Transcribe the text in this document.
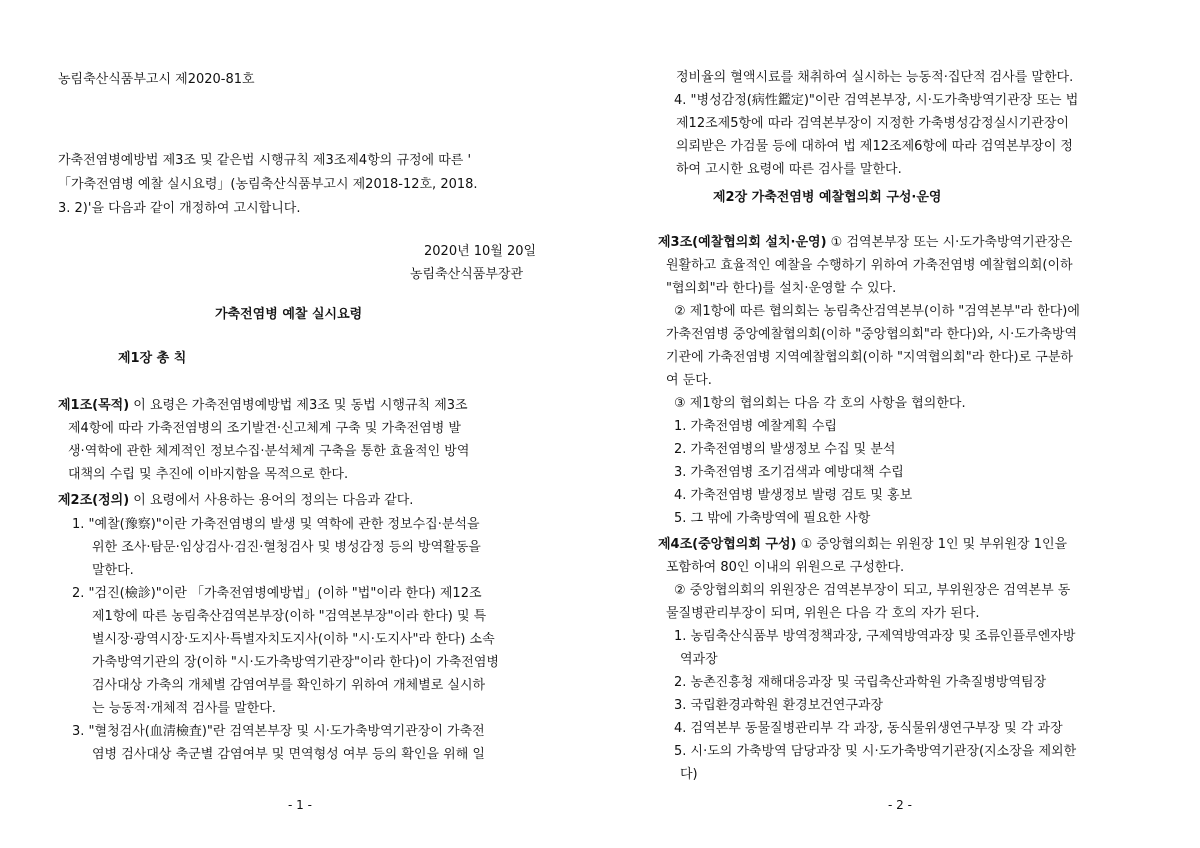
농림축산식품부고시 제2020-81호
가축전염병예방법 제3조 및 같은법 시행규칙 제3조제4항의 규정에 따른 '
「가축전염병 예찰 실시요령」(농림축산식품부고시 제2018-12호, 2018.
3. 2)'을 다음과 같이 개정하여 고시합니다.
2020년 10월 20일
농림축산식품부장관
가축전염병 예찰 실시요령
제1장 총 칙
제1조(목적) 이 요령은 가축전염병예방법 제3조 및 동법 시행규칙 제3조
제4항에 따라 가축전염병의 조기발견·신고체계 구축 및 가축전염병 발
생·역학에 관한 체계적인 정보수집·분석체계 구축을 통한 효율적인 방역
대책의 수립 및 추진에 이바지함을 목적으로 한다.
제2조(정의) 이 요령에서 사용하는 용어의 정의는 다음과 같다.
1. "예찰(豫察)"이란 가축전염병의 발생 및 역학에 관한 정보수집·분석을
위한 조사·탐문·임상검사·검진·혈청검사 및 병성감정 등의 방역활동을
말한다.
2. "검진(檢診)"이란 「가축전염병예방법」(이하 "법"이라 한다) 제12조
제1항에 따른 농림축산검역본부장(이하 "검역본부장"이라 한다) 및 특
별시장·광역시장·도지사·특별자치도지사(이하 "시·도지사"라 한다) 소속
가축방역기관의 장(이하 "시·도가축방역기관장"이라 한다)이 가축전염병
검사대상 가축의 개체별 감염여부를 확인하기 위하여 개체별로 실시하
는 능동적·개체적 검사를 말한다.
3. "혈청검사(血淸檢査)"란 검역본부장 및 시·도가축방역기관장이 가축전
염병 검사대상 축군별 감염여부 및 면역형성 여부 등의 확인을 위해 일
- 1 -
정비율의 혈액시료를 채취하여 실시하는 능동적·집단적 검사를 말한다.
4. "병성감정(病性鑑定)"이란 검역본부장, 시·도가축방역기관장 또는 법
제12조제5항에 따라 검역본부장이 지정한 가축병성감정실시기관장이
의뢰받은 가검물 등에 대하여 법 제12조제6항에 따라 검역본부장이 정
하여 고시한 요령에 따른 검사를 말한다.
제2장 가축전염병 예찰협의회 구성·운영
제3조(예찰협의회 설치·운영) ① 검역본부장 또는 시·도가축방역기관장은
원활하고 효율적인 예찰을 수행하기 위하여 가축전염병 예찰협의회(이하
"협의회"라 한다)를 설치·운영할 수 있다.
② 제1항에 따른 협의회는 농림축산검역본부(이하 "검역본부"라 한다)에
가축전염병 중앙예찰협의회(이하 "중앙협의회"라 한다)와, 시·도가축방역
기관에 가축전염병 지역예찰협의회(이하 "지역협의회"라 한다)로 구분하
여 둔다.
③ 제1항의 협의회는 다음 각 호의 사항을 협의한다.
1. 가축전염병 예찰계획 수립
2. 가축전염병의 발생정보 수집 및 분석
3. 가축전염병 조기검색과 예방대책 수립
4. 가축전염병 발생정보 발령 검토 및 홍보
5. 그 밖에 가축방역에 필요한 사항
제4조(중앙협의회 구성) ① 중앙협의회는 위원장 1인 및 부위원장 1인을
포함하여 80인 이내의 위원으로 구성한다.
② 중앙협의회의 위원장은 검역본부장이 되고, 부위원장은 검역본부 동
물질병관리부장이 되며, 위원은 다음 각 호의 자가 된다.
1. 농림축산식품부 방역정책과장, 구제역방역과장 및 조류인플루엔자방
역과장
2. 농촌진흥청 재해대응과장 및 국립축산과학원 가축질병방역팀장
3. 국립환경과학원 환경보건연구과장
4. 검역본부 동물질병관리부 각 과장, 동식물위생연구부장 및 각 과장
5. 시·도의 가축방역 담당과장 및 시·도가축방역기관장(지소장을 제외한
다)
- 2 -
